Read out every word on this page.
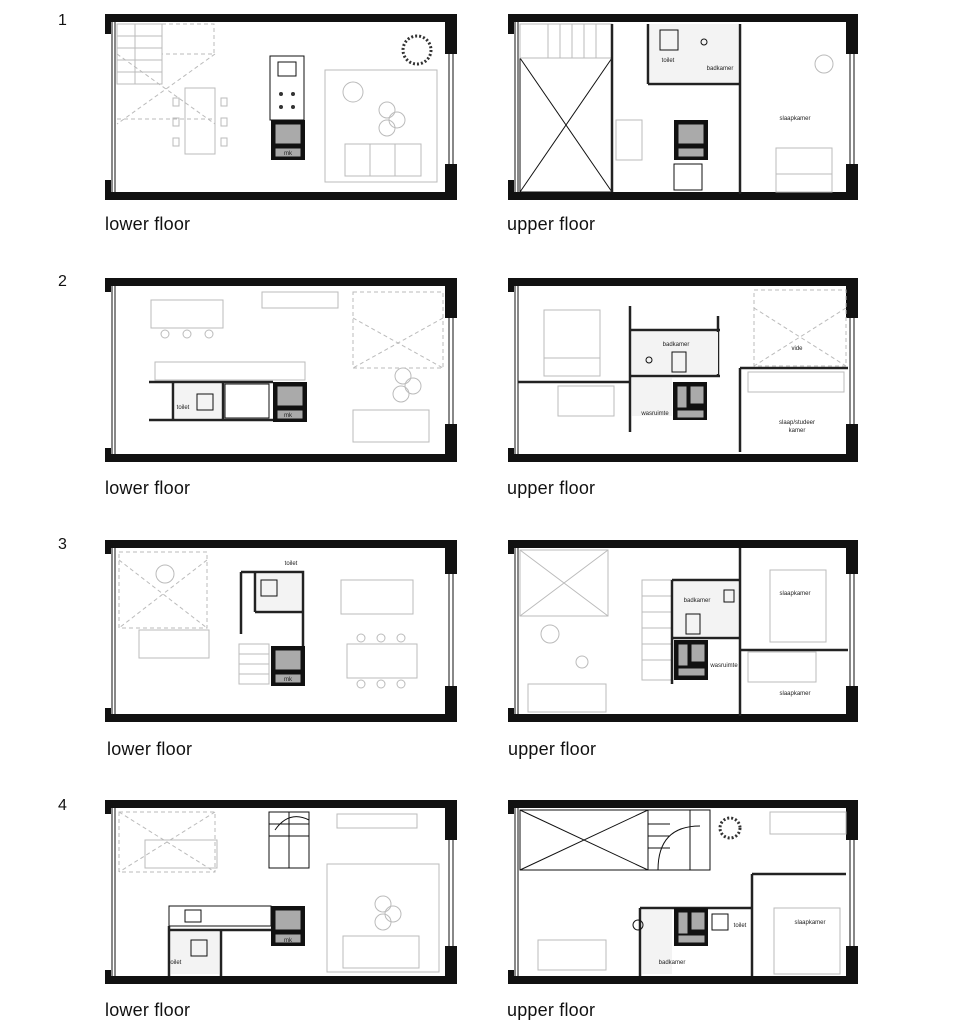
1
2
3
4
lower floor	upper floor
lower floor	upper floor
lower floor	upper floor
lower floor	upper floor
mk
toilet
badkamer
slaapkamer
toilet
mk
badkamer
wasruimte
vide
slaap/studeer
kamer
toilet
mk
badkamer
wasruimte
slaapkamer
slaapkamer
toilet
mk
badkamer
toilet	slaapkamer
